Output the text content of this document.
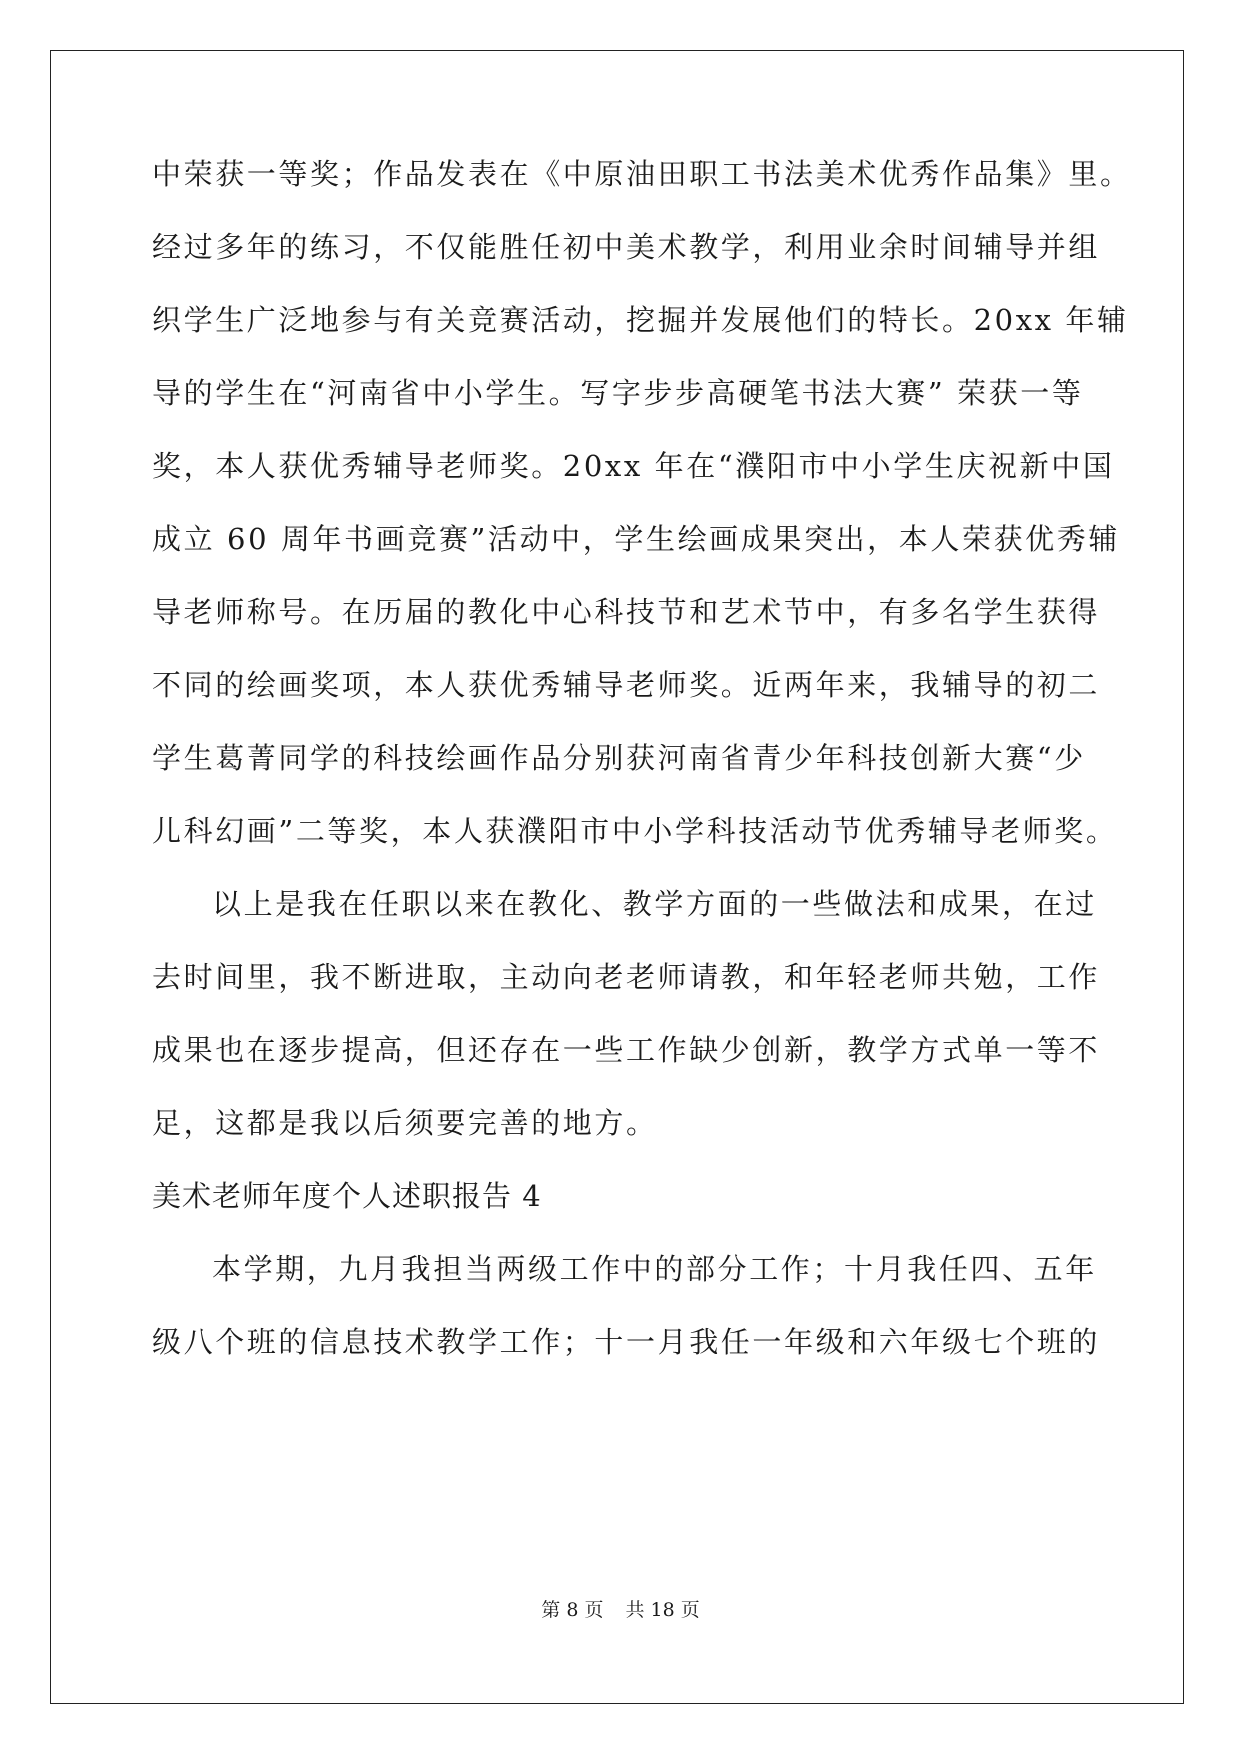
中荣获一等奖；作品发表在《中原油田职工书法美术优秀作品集》里。
经过多年的练习，不仅能胜任初中美术教学，利用业余时间辅导并组
织学生广泛地参与有关竞赛活动，挖掘并发展他们的特长。20xx 年辅
导的学生在“河南省中小学生。写字步步高硬笔书法大赛” 荣获一等
奖，本人获优秀辅导老师奖。20xx 年在“濮阳市中小学生庆祝新中国
成立 60 周年书画竞赛”活动中，学生绘画成果突出，本人荣获优秀辅
导老师称号。在历届的教化中心科技节和艺术节中，有多名学生获得
不同的绘画奖项，本人获优秀辅导老师奖。近两年来，我辅导的初二
学生葛菁同学的科技绘画作品分别获河南省青少年科技创新大赛“少
儿科幻画”二等奖，本人获濮阳市中小学科技活动节优秀辅导老师奖。
以上是我在任职以来在教化、教学方面的一些做法和成果，在过
去时间里，我不断进取，主动向老老师请教，和年轻老师共勉，工作
成果也在逐步提高，但还存在一些工作缺少创新，教学方式单一等不
足，这都是我以后须要完善的地方。
美术老师年度个人述职报告 4
本学期，九月我担当两级工作中的部分工作；十月我任四、五年
级八个班的信息技术教学工作；十一月我任一年级和六年级七个班的
第 8 页 共 18 页
